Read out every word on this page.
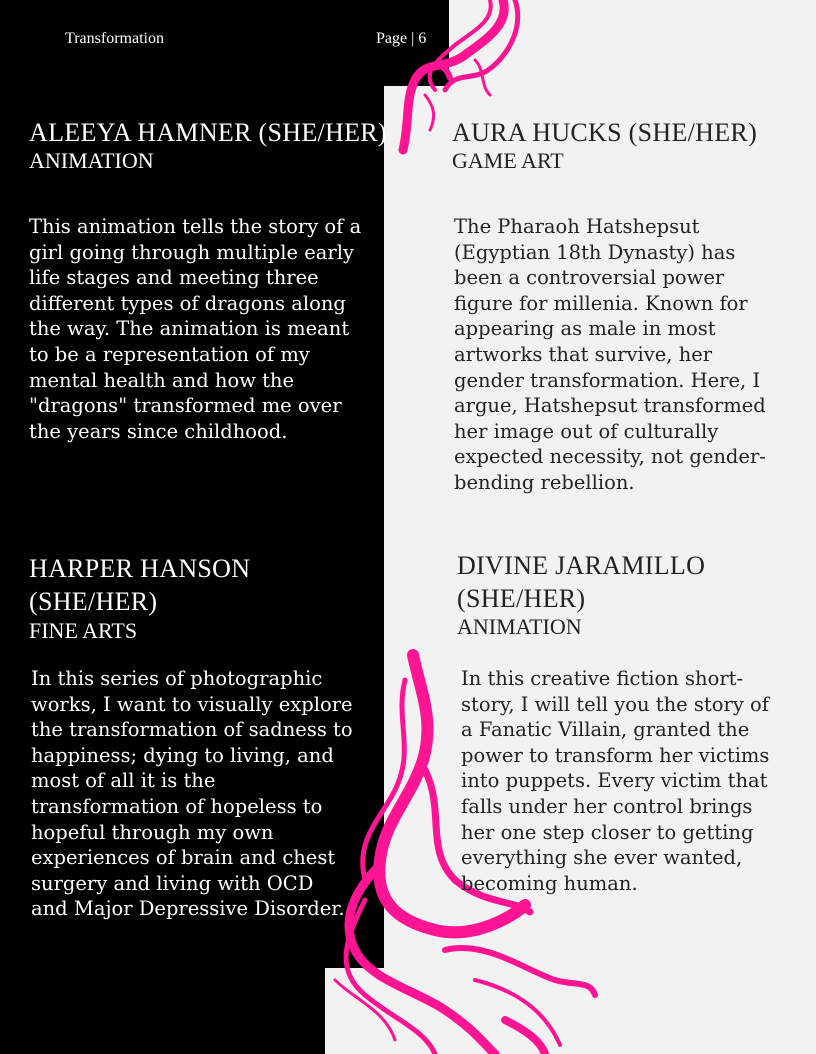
Transformation	Page | 6
ALEEYA HAMNER (SHE/HER)
ANIMATION

This animation tells the story of a girl going through multiple early life stages and meeting three different types of dragons along the way. The animation is meant to be a representation of my mental health and how the "dragons" transformed me over the years since childhood.

AURA HUCKS (SHE/HER)
GAME ART

The Pharaoh Hatshepsut (Egyptian 18th Dynasty) has been a controversial power figure for millenia. Known for appearing as male in most artworks that survive, her gender transformation. Here, I argue, Hatshepsut transformed her image out of culturally expected necessity, not gender-bending rebellion.

HARPER HANSON
(SHE/HER)
FINE ARTS

In this series of photographic works, I want to visually explore the transformation of sadness to happiness; dying to living, and most of all it is the transformation of hopeless to hopeful through my own experiences of brain and chest surgery and living with OCD and Major Depressive Disorder.

DIVINE JARAMILLO
(SHE/HER)
ANIMATION

In this creative fiction short-story, I will tell you the story of a Fanatic Villain, granted the power to transform her victims into puppets. Every victim that falls under her control brings her one step closer to getting everything she ever wanted, becoming human.
